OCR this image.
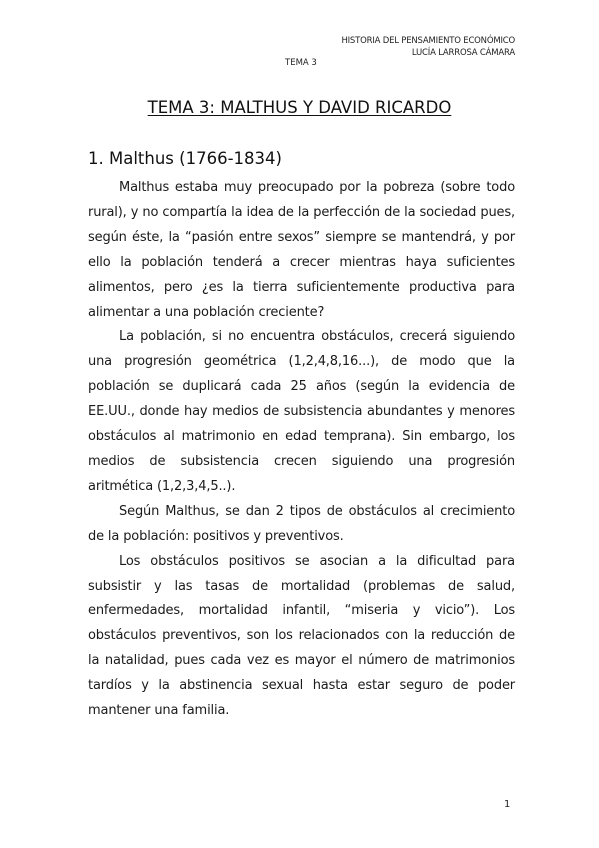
HISTORIA DEL PENSAMIENTO ECONÓMICO
LUCÍA LARROSA CÁMARA
TEMA 3
TEMA 3: MALTHUS Y DAVID RICARDO
1. Malthus (1766-1834)

Malthus estaba muy preocupado por la pobreza (sobre todo rural), y no compartía la idea de la perfección de la sociedad pues, según éste, la “pasión entre sexos” siempre se mantendrá, y por ello la población tenderá a crecer mientras haya suficientes alimentos, pero ¿es la tierra suficientemente productiva para alimentar a una población creciente?

La población, si no encuentra obstáculos, crecerá siguiendo una progresión geométrica (1,2,4,8,16...), de modo que la población se duplicará cada 25 años (según la evidencia de EE.UU., donde hay medios de subsistencia abundantes y menores obstáculos al matrimonio en edad temprana). Sin embargo, los medios de subsistencia crecen siguiendo una progresión aritmética (1,2,3,4,5..).

Según Malthus, se dan 2 tipos de obstáculos al crecimiento de la población: positivos y preventivos.

Los obstáculos positivos se asocian a la dificultad para subsistir y las tasas de mortalidad (problemas de salud, enfermedades, mortalidad infantil, “miseria y vicio”). Los obstáculos preventivos, son los relacionados con la reducción de la natalidad, pues cada vez es mayor el número de matrimonios tardíos y la abstinencia sexual hasta estar seguro de poder mantener una familia.

1
